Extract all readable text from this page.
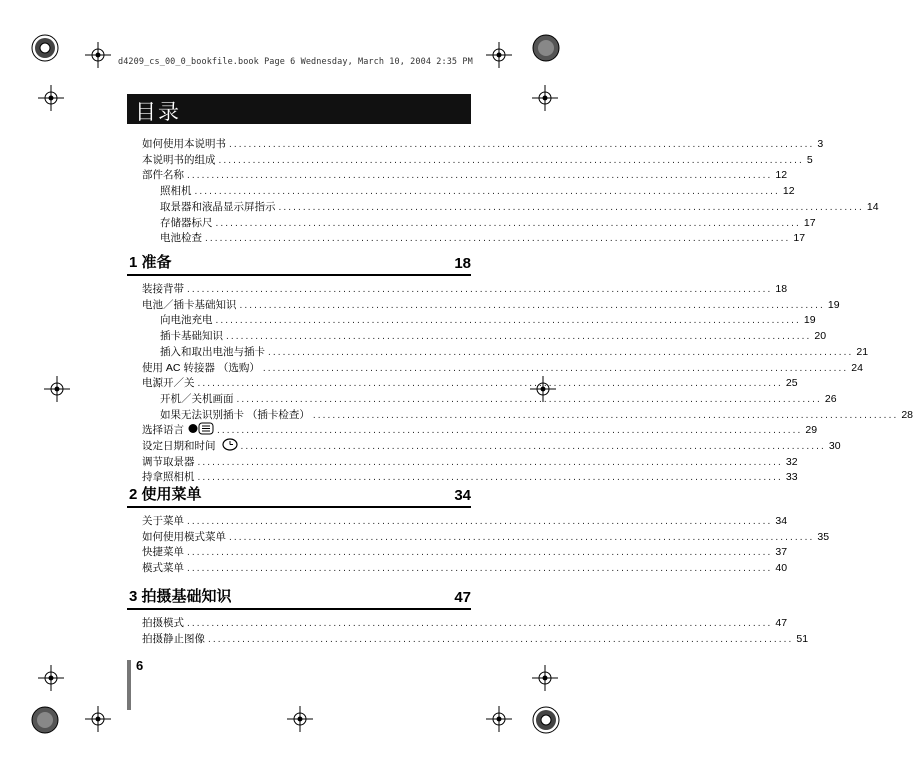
d4209_cs_00_0_bookfile.book Page 6 Wednesday, March 10, 2004 2:35 PM
目录
如何使用本说明书 ........................................................................................................................ 3
本说明书的组成 ........................................................................................................................ 5
部件名称 ........................................................................................................................ 12
照相机 ........................................................................................................................ 12
取景器和液晶显示屏指示 ........................................................................................................................ 14
存储器标尺 ........................................................................................................................ 17
电池检查 ........................................................................................................................ 17
1 准备	18
装接背带 ........................................................................................................................ 18
电池／插卡基础知识 ........................................................................................................................ 19
向电池充电 ........................................................................................................................ 19
插卡基础知识 ........................................................................................................................ 20
插入和取出电池与插卡 ........................................................................................................................ 21
使用 AC 转接器 （选购） ........................................................................................................................ 24
电源开／关 ........................................................................................................................ 25
开机／关机画面 ........................................................................................................................ 26
如果无法识别插卡 （插卡检查） ........................................................................................................................ 28
选择语言	........................................................................................................................ 29
设定日期和时间	........................................................................................................................ 30
调节取景器 ........................................................................................................................ 32
持拿照相机 ........................................................................................................................ 33
2 使用菜单	34
关于菜单 ........................................................................................................................ 34
如何使用模式菜单 ........................................................................................................................ 35
快捷菜单 ........................................................................................................................ 37
模式菜单 ........................................................................................................................ 40
3 拍摄基础知识	47
拍摄模式 ........................................................................................................................ 47
拍摄静止图像 ........................................................................................................................ 51
6
